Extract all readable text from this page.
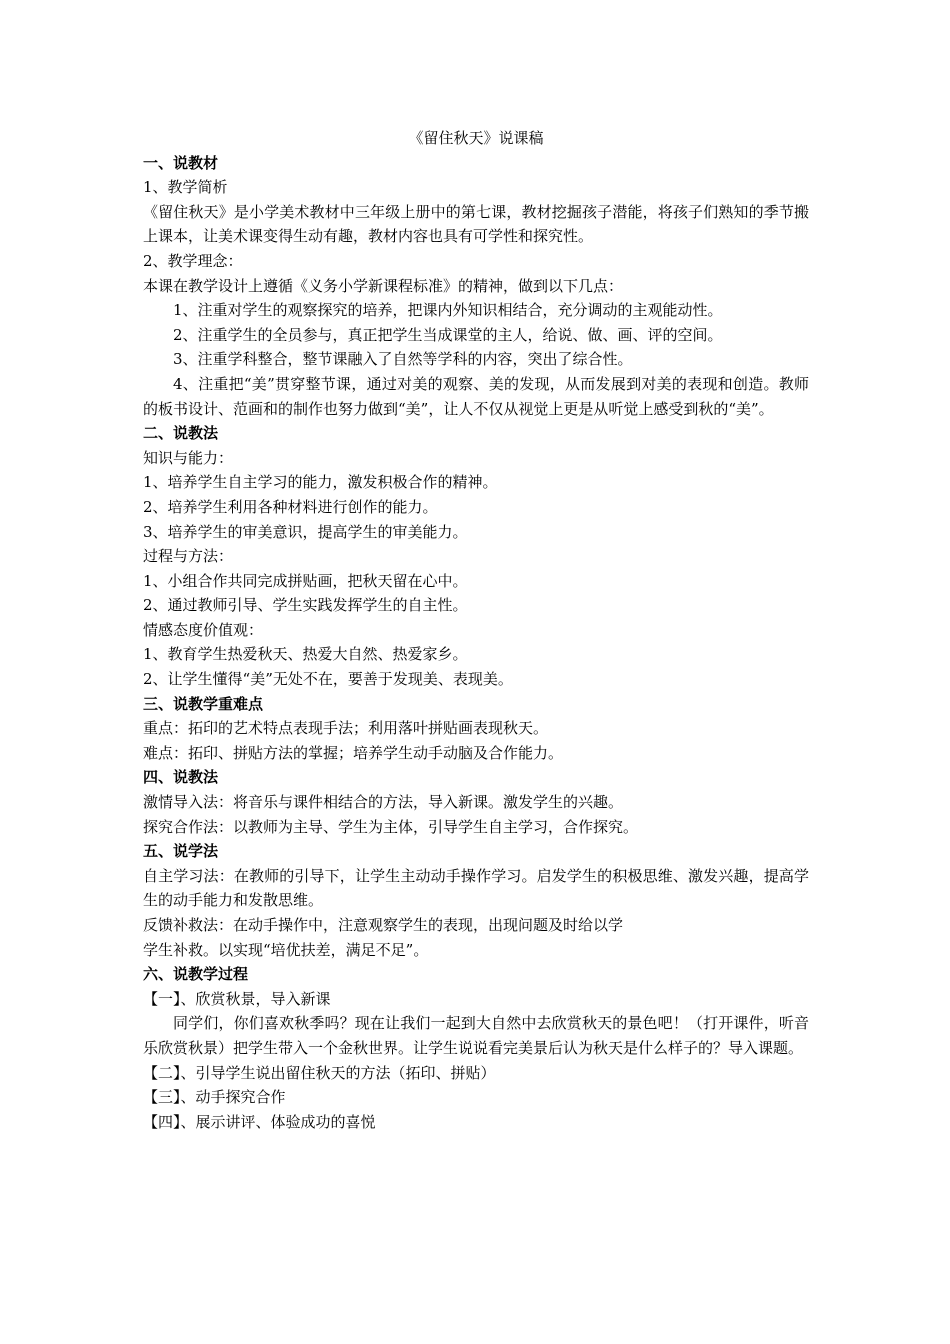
《留住秋天》说课稿
一、说教材
1、教学简析
《留住秋天》是小学美术教材中三年级上册中的第七课，教材挖掘孩子潜能，将孩子们熟知的季节搬上课本，让美术课变得生动有趣，教材内容也具有可学性和探究性。
2、教学理念：
本课在教学设计上遵循《义务小学新课程标准》的精神，做到以下几点：
1、注重对学生的观察探究的培养，把课内外知识相结合，充分调动的主观能动性。
2、注重学生的全员参与，真正把学生当成课堂的主人，给说、做、画、评的空间。
3、注重学科整合，整节课融入了自然等学科的内容，突出了综合性。
4、注重把“美”贯穿整节课，通过对美的观察、美的发现，从而发展到对美的表现和创造。教师的板书设计、范画和的制作也努力做到“美”，让人不仅从视觉上更是从听觉上感受到秋的“美”。
二、说教法
知识与能力：
1、培养学生自主学习的能力，激发积极合作的精神。
2、培养学生利用各种材料进行创作的能力。
3、培养学生的审美意识，提高学生的审美能力。
过程与方法：
1、小组合作共同完成拼贴画，把秋天留在心中。
2、通过教师引导、学生实践发挥学生的自主性。
情感态度价值观：
1、教育学生热爱秋天、热爱大自然、热爱家乡。
2、让学生懂得“美”无处不在，要善于发现美、表现美。
三、说教学重难点
重点：拓印的艺术特点表现手法；利用落叶拼贴画表现秋天。
难点：拓印、拼贴方法的掌握；培养学生动手动脑及合作能力。
四、说教法
激情导入法：将音乐与课件相结合的方法，导入新课。激发学生的兴趣。
探究合作法：以教师为主导、学生为主体，引导学生自主学习，合作探究。
五、说学法
自主学习法：在教师的引导下，让学生主动动手操作学习。启发学生的积极思维、激发兴趣，提高学生的动手能力和发散思维。
反馈补救法：在动手操作中，注意观察学生的表现，出现问题及时给以学
学生补救。以实现“培优扶差，满足不足”。
六、说教学过程
【一】、欣赏秋景，导入新课
同学们，你们喜欢秋季吗？现在让我们一起到大自然中去欣赏秋天的景色吧！（打开课件，听音乐欣赏秋景）把学生带入一个金秋世界。让学生说说看完美景后认为秋天是什么样子的？导入课题。
【二】、引导学生说出留住秋天的方法（拓印、拼贴）
【三】、动手探究合作
【四】、展示讲评、体验成功的喜悦
